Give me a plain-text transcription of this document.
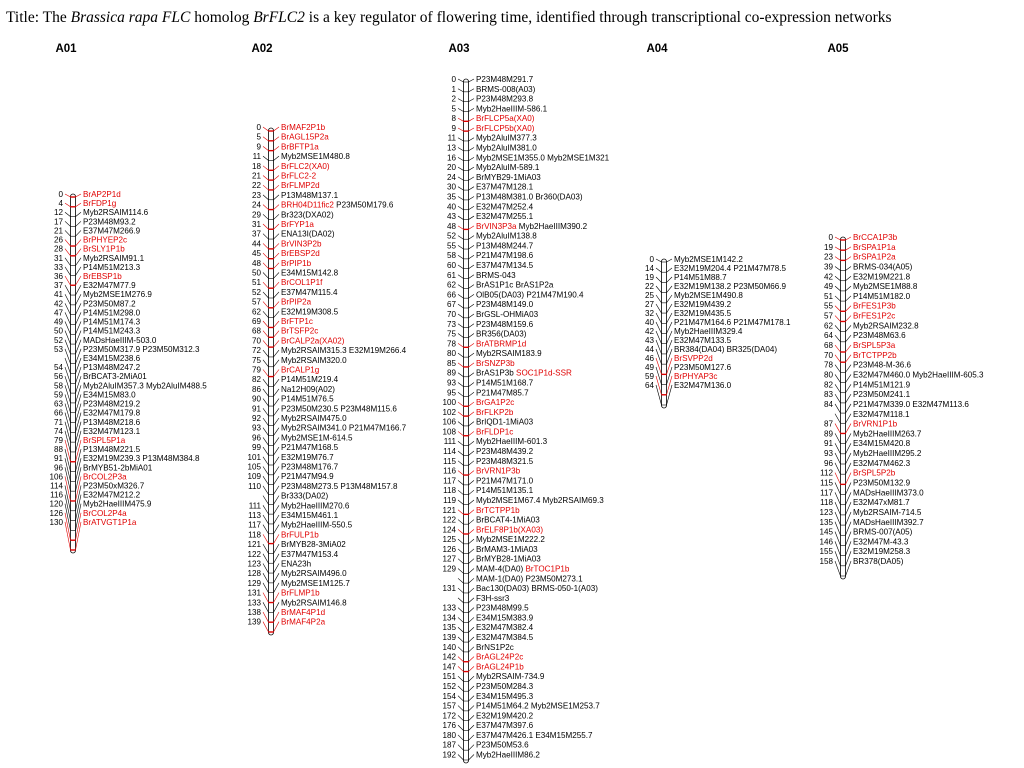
Title: The Brassica rapa FLC homolog BrFLC2 is a key regulator of flowering time, identified through transcriptional co-expression networks
A01
0 BrAP2P1d
4 BrFDP1g
12 Myb2RSAIM114.6
17 P23M48M93.2
21 E37M47M266.9
26 BrPHYEP2c
28 BrSLY1P1b
31 Myb2RSAIM91.1
33 P14M51M213.3
36 BrEBSP1b
37 E32M47M77.9
41 Myb2MSE1M276.9
42 P23M50M87.2
47 P14M51M298.0
49 P14M51M174.3
50 P14M51M243.3
52 MADsHaeIIIM-503.0
53 P23M50M317.9 P23M50M312.3
E34M15M238.6
54 P13M48M247.2
56 BrBCAT3-2MiA01
58 Myb2AluIM357.3 Myb2AluIM488.5
59 E34M15M83.0
63 P23M48M219.2
66 E32M47M179.8
71 P13M48M218.6
74 E32M47M123.1
79 BrSPL5P1a
88 P13M48M221.5
91 E32M19M239.3 P13M48M384.8
96 BrMYB51-2bMiA01
106 BrCOL2P3a
114 P23M50xM326.7
116 E32M47M212.2
120 Myb2HaeIIIM475.9
126 BrCOL2P4a
130 BrATVGT1P1a
A02
0 BrMAF2P1b
5 BrAGL15P2a
9 BrBFTP1a
11 Myb2MSE1M480.8
18 BrFLC2(XA0)
21 BrFLC2-2
22 BrFLMP2d
23 P13M48M137.1
24 BRH04D11fic2 P23M50M179.6
29 Br323(DXA02)
31 BrFYP1a
37 ENA13I(DA02)
44 BrVIN3P2b
45 BrEBSP2d
48 BrPIP1b
50 E34M15M142.8
51 BrCOL1P1f
52 E37M47M115.4
57 BrPIP2a
62 E32M19M308.5
69 BrFTP1c
68 BrTSFP2c
70 BrCALP2a(XA02)
72 Myb2RSAIM315.3 E32M19M266.4
75 Myb2RSAIM320.0
79 BrCALP1g
82 P14M51M219.4
86 Na12H09(A02)
90 P14M51M76.5
91 P23M50M230.5 P23M48M115.6
92 Myb2RSAIM475.0
93 Myb2RSAIM341.0 P21M47M166.7
96 Myb2MSE1M-614.5
99 P21M47M168.5
101 E32M19M76.7
105 P23M48M176.7
109 P21M47M94.9
110 P23M48M273.5 P13M48M157.8
Br333(DA02)
111 Myb2HaeIIIM270.6
113 E34M15M461.1
117 Myb2HaeIIIM-550.5
118 BrFULP1b
121 BrMYB28-3MiA02
122 E37M47M153.4
123 ENA23h
128 Myb2RSAIM496.0
129 Myb2MSE1M125.7
131 BrFLMP1b
133 Myb2RSAIM146.8
138 BrMAF4P1d
139 BrMAF4P2a
A03
0 P23M48M291.7
1 BRMS-008(A03)
2 P23M48M293.8
5 Myb2HaeIIIM-586.1
8 BrFLCP5a(XA0)
9 BrFLCP5b(XA0)
11 Myb2AluIM377.3
13 Myb2AluIM381.0
16 Myb2MSE1M355.0 Myb2MSE1M321
20 Myb2AluIM-589.1
24 BrMYB29-1MiA03
30 E37M47M128.1
35 P13M48M381.0 Br360(DA03)
40 E32M47M252.4
43 E32M47M255.1
48 BrVIN3P3a Myb2HaeIIIM390.2
52 Myb2AluIM138.8
55 P13M48M244.7
58 P21M47M198.6
60 E37M47M134.5
61 BRMS-043
62 BrAS1P1c BrAS1P2a
66 OlB05(DA03) P21M47M190.4
67 P23M48M149.0
70 BrGSL-OHMiA03
73 P23M48M159.6
75 BR356(DA03)
78 BrATBRMP1d
80 Myb2RSAIM183.9
85 BrSNZP3b
89 BrAS1P3b SOC1P1d-SSR
93 P14M51M168.7
95 P21M47M85.7
100 BrGA1P2c
102 BrFLKP2b
106 BrIQD1-1MiA03
108 BrFLDP1c
111 Myb2HaeIIIM-601.3
114 P23M48M439.2
115 P23M48M321.5
116 BrVRN1P3b
117 P21M47M171.0
118 P14M51M135.1
119 Myb2MSE1M67.4 Myb2RSAIM69.3
121 BrTCTPP1b
122 BrBCAT4-1MiA03
124 BrELF8P1b(XA03)
125 Myb2MSE1M222.2
126 BrMAM3-1MiA03
127 BrMYB28-1MiA03
129 MAM-4(DA0) BrTOC1P1b
MAM-1(DA0) P23M50M273.1
131 Bac130(DA03) BRMS-050-1(A03)
F3H-ssr3
133 P23M48M99.5
134 E34M15M383.9
135 E32M47M382.4
139 E32M47M384.5
140 BrNS1P2c
142 BrAGL24P2c
147 BrAGL24P1b
151 Myb2RSAIM-734.9
152 P23M50M284.3
154 E34M15M495.3
157 P14M51M64.2 Myb2MSE1M253.7
172 E32M19M420.2
176 E37M47M397.6
180 E37M47M426.1 E34M15M255.7
187 P23M50M53.6
192 Myb2HaeIIIM86.2
A04
0 Myb2MSE1M142.2
14 E32M19M204.4 P21M47M78.5
19 P14M51M88.7
22 E32M19M138.2 P23M50M66.9
25 Myb2MSE1M490.8
27 E32M19M439.2
32 E32M19M435.5
40 P21M47M164.6 P21M47M178.1
42 Myb2HaeIIIM329.4
43 E32M47M133.5
44 BR384(DA04) BR325(DA04)
46 BrSVPP2d
49 P23M50M127.6
59 BrPHYAP3c
64 E32M47M136.0
A05
0 BrCCA1P3b
19 BrSPA1P1a
23 BrSPA1P2a
39 BRMS-034(A05)
42 E32M19M221.8
49 Myb2MSE1M88.8
51 P14M51M182.0
55 BrFES1P3b
57 BrFES1P2c
62 Myb2RSAIM232.8
64 P23M48M63.6
68 BrSPL5P3a
70 BrTCTPP2b
78 P23M48-M-36.6
80 E32M47M460.0 Myb2HaeIIIM-605.3
82 P14M51M121.9
83 P23M50M241.1
84 P21M47M339.0 E32M47M113.6
E32M47M118.1
87 BrVRN1P1b
89 Myb2HaeIIIM263.7
91 E34M15M420.8
93 Myb2HaeIIIM295.2
96 E32M47M462.3
112 BrSPL5P2b
115 P23M50M132.9
117 MADsHaeIIIM373.0
118 E32M47xM81.7
123 Myb2RSAIM-714.5
135 MADsHaeIIIM392.7
145 BRMS-007(A05)
146 E32M47M-43.3
155 E32M19M258.3
158 BR378(DA05)
